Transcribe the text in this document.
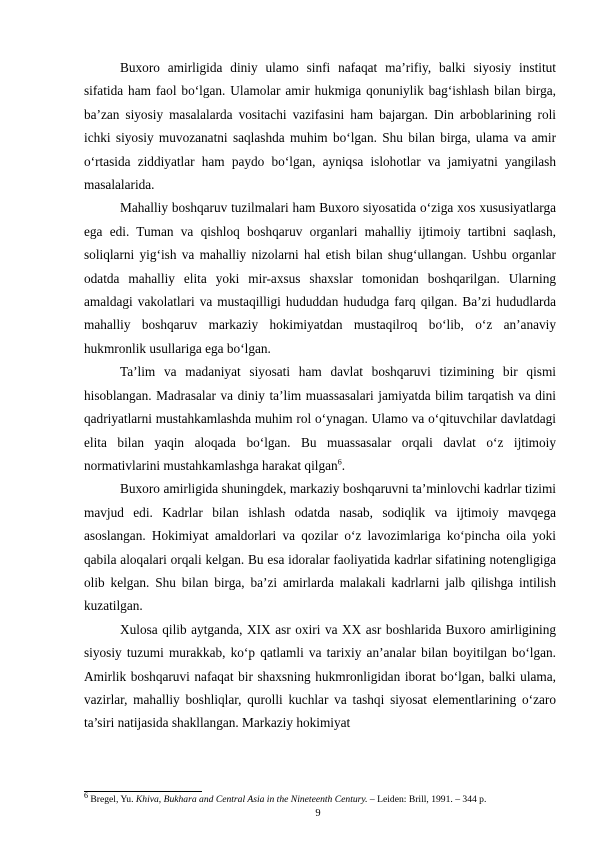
Buxoro amirligida diniy ulamo sinfi nafaqat ma’rifiy, balki siyosiy institut sifatida ham faol bo‘lgan. Ulamolar amir hukmiga qonuniylik bag‘ishlash bilan birga, ba’zan siyosiy masalalarda vositachi vazifasini ham bajargan. Din arboblarining roli ichki siyosiy muvozanatni saqlashda muhim bo‘lgan. Shu bilan birga, ulama va amir o‘rtasida ziddiyatlar ham paydo bo‘lgan, ayniqsa islohotlar va jamiyatni yangilash masalalarida.

Mahalliy boshqaruv tuzilmalari ham Buxoro siyosatida o‘ziga xos xususiyatlarga ega edi. Tuman va qishloq boshqaruv organlari mahalliy ijtimoiy tartibni saqlash, soliqlarni yig‘ish va mahalliy nizolarni hal etish bilan shug‘ullangan. Ushbu organlar odatda mahalliy elita yoki mir-axsus shaxslar tomonidan boshqarilgan. Ularning amaldagi vakolatlari va mustaqilligi hududdan hududga farq qilgan. Ba’zi hududlarda mahalliy boshqaruv markaziy hokimiyatdan mustaqilroq bo‘lib, o‘z an’anaviy hukmronlik usullariga ega bo‘lgan.

Ta’lim va madaniyat siyosati ham davlat boshqaruvi tizimining bir qismi hisoblangan. Madrasalar va diniy ta’lim muassasalari jamiyatda bilim tarqatish va dini qadriyatlarni mustahkamlashda muhim rol o‘ynagan. Ulamo va o‘qituvchilar davlatdagi elita bilan yaqin aloqada bo‘lgan. Bu muassasalar orqali davlat o‘z ijtimoiy normativlarini mustahkamlashga harakat qilgan$^6$.

Buxoro amirligida shuningdek, markaziy boshqaruvni ta’minlovchi kadrlar tizimi mavjud edi. Kadrlar bilan ishlash odatda nasab, sodiqlik va ijtimoiy mavqega asoslangan. Hokimiyat amaldorlari va qozilar o‘z lavozimlariga ko‘pincha oila yoki qabila aloqalari orqali kelgan. Bu esa idoralar faoliyatida kadrlar sifatining notengligiga olib kelgan. Shu bilan birga, ba’zi amirlarda malakali kadrlarni jalb qilishga intilish kuzatilgan.

Xulosa qilib aytganda, XIX asr oxiri va XX asr boshlarida Buxoro amirligining siyosiy tuzumi murakkab, ko‘p qatlamli va tarixiy an’analar bilan boyitilgan bo‘lgan. Amirlik boshqaruvi nafaqat bir shaxsning hukmronligidan iborat bo‘lgan, balki ulama, vazirlar, mahalliy boshliqlar, qurolli kuchlar va tashqi siyosat elementlarining o‘zaro ta’siri natijasida shakllangan. Markaziy hokimiyat

$^6$ Bregel, Yu. Khiva, Bukhara and Central Asia in the Nineteenth Century. – Leiden: Brill, 1991. – 344 p.
9
